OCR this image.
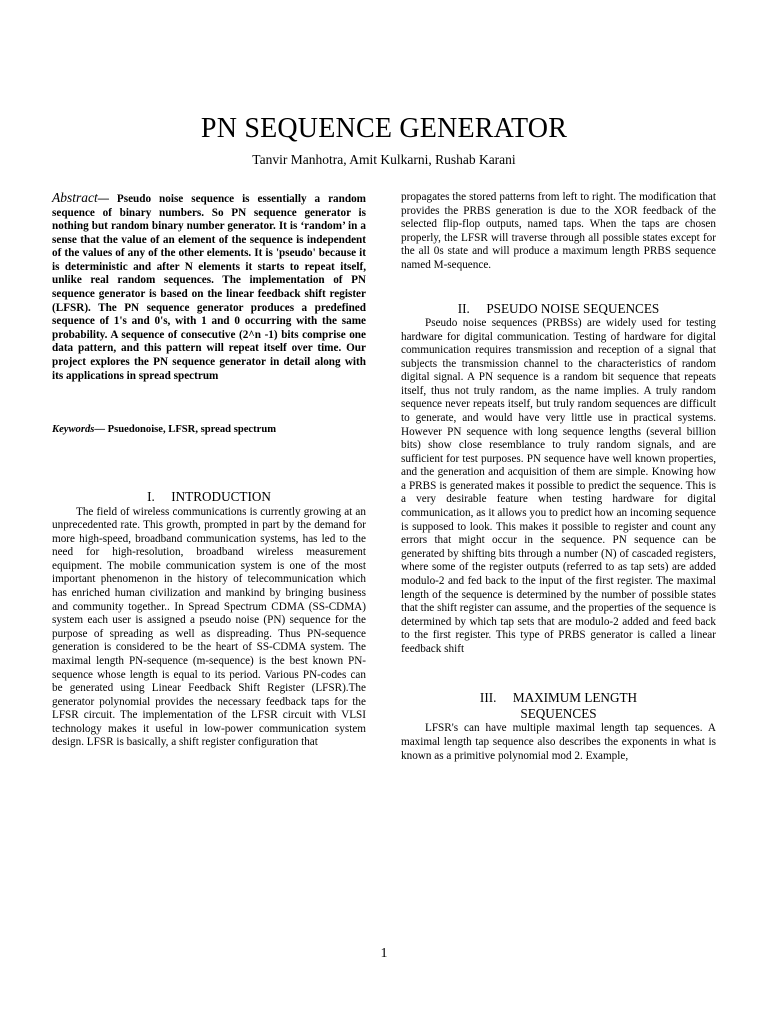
PN SEQUENCE GENERATOR
Tanvir Manhotra, Amit Kulkarni, Rushab Karani

Abstract— Pseudo noise sequence is essentially a random sequence of binary numbers. So PN sequence generator is nothing but random binary number generator. It is ‘random’ in a sense that the value of an element of the sequence is independent of the values of any of the other elements. It is 'pseudo' because it is deterministic and after N elements it starts to repeat itself, unlike real random sequences. The implementation of PN sequence generator is based on the linear feedback shift register (LFSR). The PN sequence generator produces a predefined sequence of 1's and 0's, with 1 and 0 occurring with the same probability. A sequence of consecutive (2^n -1) bits comprise one data pattern, and this pattern will repeat itself over time. Our project explores the PN sequence generator in detail along with its applications in spread spectrum

Keywords— Psuedonoise, LFSR, spread spectrum

I.  INTRODUCTION

The field of wireless communications is currently growing at an unprecedented rate. This growth, prompted in part by the demand for more high-speed, broadband communication systems, has led to the need for high-resolution, broadband wireless measurement equipment. The mobile communication system is one of the most important phenomenon in the history of telecommunication which has enriched human civilization and mankind by bringing business and community together.. In Spread Spectrum CDMA (SS-CDMA) system each user is assigned a pseudo noise (PN) sequence for the purpose of spreading as well as dispreading. Thus PN-sequence generation is considered to be the heart of SS-CDMA system. The maximal length PN-sequence (m-sequence) is the best known PN-sequence whose length is equal to its period. Various PN-codes can be generated using Linear Feedback Shift Register (LFSR).The generator polynomial provides the necessary feedback taps for the LFSR circuit. The implementation of the LFSR circuit with VLSI technology makes it useful in low-power communication system design. LFSR is basically, a shift register configuration that

propagates the stored patterns from left to right. The modification that provides the PRBS generation is due to the XOR feedback of the selected flip-flop outputs, named taps. When the taps are chosen properly, the LFSR will traverse through all possible states except for the all 0s state and will produce a maximum length PRBS sequence named M-sequence.

II.  PSEUDO NOISE SEQUENCES

Pseudo noise sequences (PRBSs) are widely used for testing hardware for digital communication. Testing of hardware for digital communication requires transmission and reception of a signal that subjects the transmission channel to the characteristics of random digital signal. A PN sequence is a random bit sequence that repeats itself, thus not truly random, as the name implies. A truly random sequence never repeats itself, but truly random sequences are difficult to generate, and would have very little use in practical systems. However PN sequence with long sequence lengths (several billion bits) show close resemblance to truly random signals, and are sufficient for test purposes. PN sequence have well known properties, and the generation and acquisition of them are simple. Knowing how a PRBS is generated makes it possible to predict the sequence. This is a very desirable feature when testing hardware for digital communication, as it allows you to predict how an incoming sequence is supposed to look. This makes it possible to register and count any errors that might occur in the sequence. PN sequence can be generated by shifting bits through a number (N) of cascaded registers, where some of the register outputs (referred to as tap sets) are added modulo-2 and fed back to the input of the first register. The maximal length of the sequence is determined by the number of possible states that the shift register can assume, and the properties of the sequence is determined by which tap sets that are modulo-2 added and feed back to the first register. This type of PRBS generator is called a linear feedback shift

III.  MAXIMUM LENGTH
SEQUENCES

LFSR's can have multiple maximal length tap sequences. A maximal length tap sequence also describes the exponents in what is known as a primitive polynomial mod 2. Example,

1
